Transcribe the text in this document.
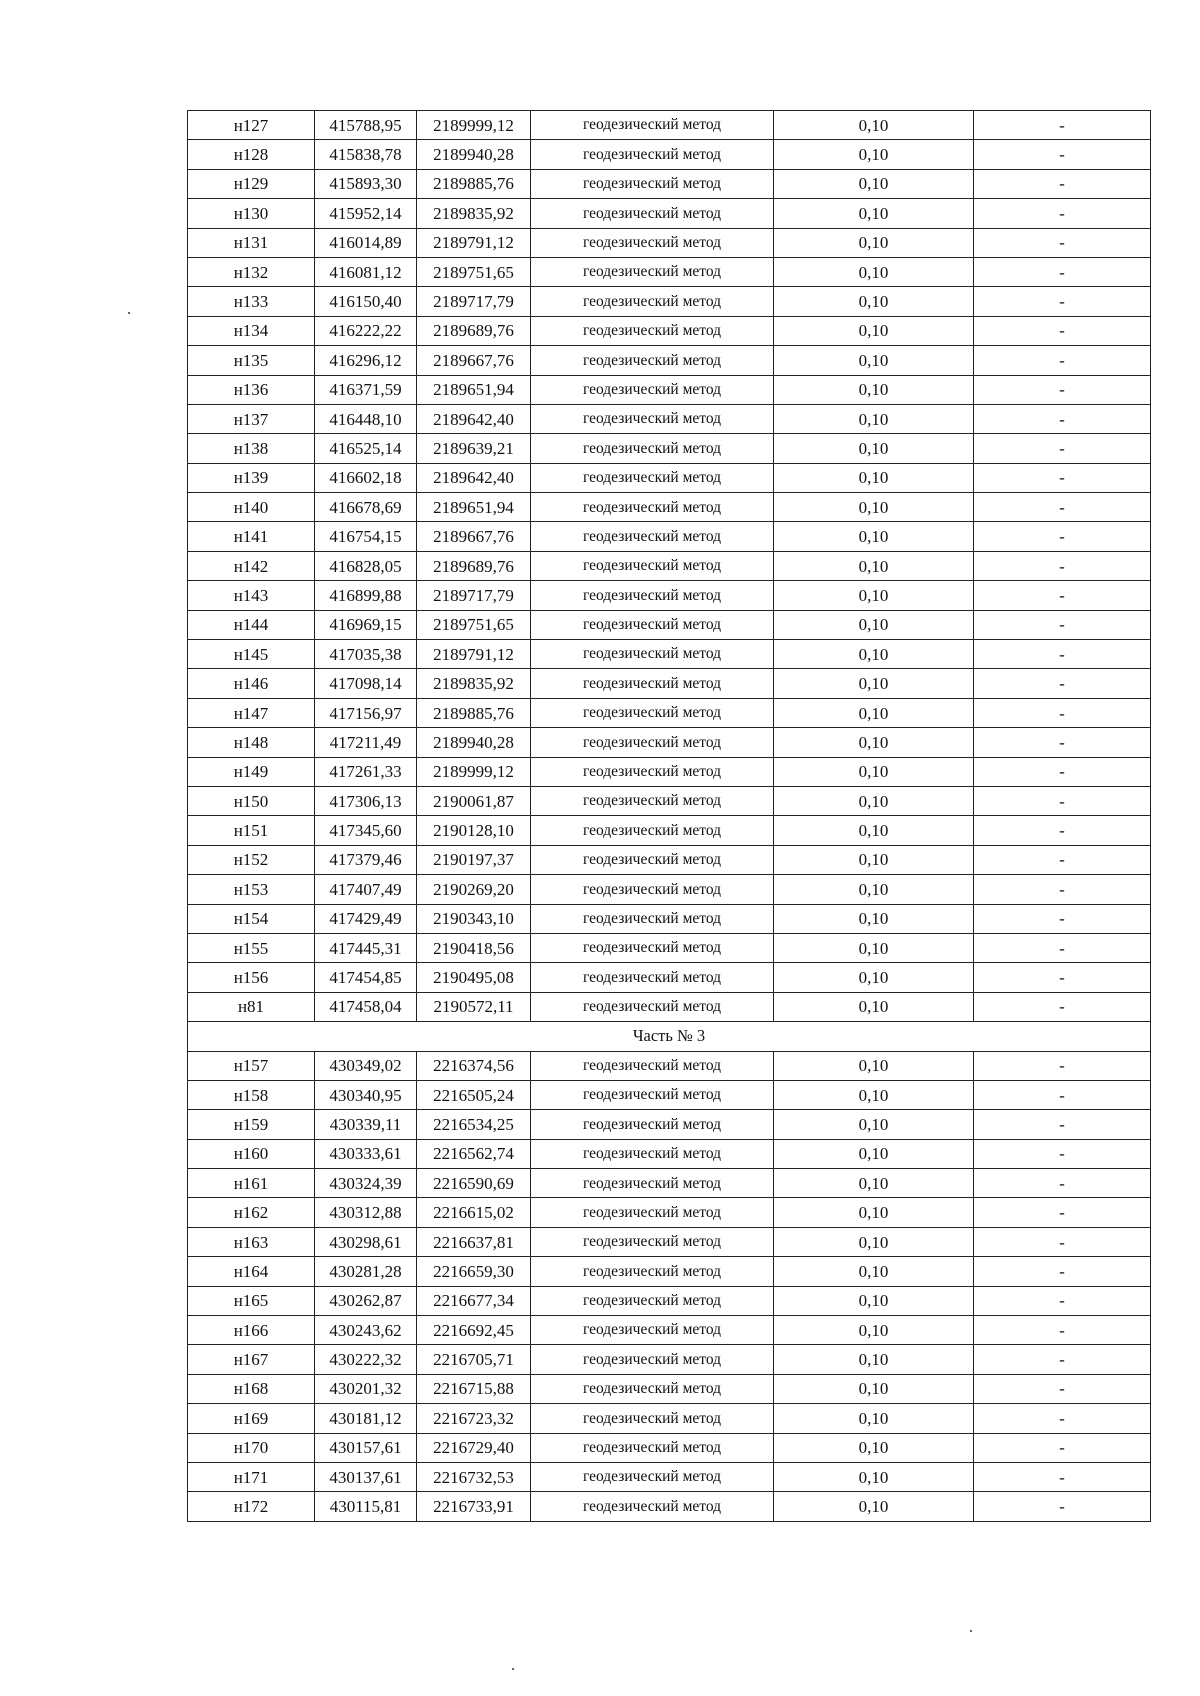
н127	415788,95	2189999,12	геодезический метод	0,10	-
н128	415838,78	2189940,28	геодезический метод	0,10	-
н129	415893,30	2189885,76	геодезический метод	0,10	-
н130	415952,14	2189835,92	геодезический метод	0,10	-
н131	416014,89	2189791,12	геодезический метод	0,10	-
н132	416081,12	2189751,65	геодезический метод	0,10	-
н133	416150,40	2189717,79	геодезический метод	0,10	-
н134	416222,22	2189689,76	геодезический метод	0,10	-
н135	416296,12	2189667,76	геодезический метод	0,10	-
н136	416371,59	2189651,94	геодезический метод	0,10	-
н137	416448,10	2189642,40	геодезический метод	0,10	-
н138	416525,14	2189639,21	геодезический метод	0,10	-
н139	416602,18	2189642,40	геодезический метод	0,10	-
н140	416678,69	2189651,94	геодезический метод	0,10	-
н141	416754,15	2189667,76	геодезический метод	0,10	-
н142	416828,05	2189689,76	геодезический метод	0,10	-
н143	416899,88	2189717,79	геодезический метод	0,10	-
н144	416969,15	2189751,65	геодезический метод	0,10	-
н145	417035,38	2189791,12	геодезический метод	0,10	-
н146	417098,14	2189835,92	геодезический метод	0,10	-
н147	417156,97	2189885,76	геодезический метод	0,10	-
н148	417211,49	2189940,28	геодезический метод	0,10	-
н149	417261,33	2189999,12	геодезический метод	0,10	-
н150	417306,13	2190061,87	геодезический метод	0,10	-
н151	417345,60	2190128,10	геодезический метод	0,10	-
н152	417379,46	2190197,37	геодезический метод	0,10	-
н153	417407,49	2190269,20	геодезический метод	0,10	-
н154	417429,49	2190343,10	геодезический метод	0,10	-
н155	417445,31	2190418,56	геодезический метод	0,10	-
н156	417454,85	2190495,08	геодезический метод	0,10	-
н81	417458,04	2190572,11	геодезический метод	0,10	-
Часть № 3					
н157	430349,02	2216374,56	геодезический метод	0,10	-
н158	430340,95	2216505,24	геодезический метод	0,10	-
н159	430339,11	2216534,25	геодезический метод	0,10	-
н160	430333,61	2216562,74	геодезический метод	0,10	-
н161	430324,39	2216590,69	геодезический метод	0,10	-
н162	430312,88	2216615,02	геодезический метод	0,10	-
н163	430298,61	2216637,81	геодезический метод	0,10	-
н164	430281,28	2216659,30	геодезический метод	0,10	-
н165	430262,87	2216677,34	геодезический метод	0,10	-
н166	430243,62	2216692,45	геодезический метод	0,10	-
н167	430222,32	2216705,71	геодезический метод	0,10	-
н168	430201,32	2216715,88	геодезический метод	0,10	-
н169	430181,12	2216723,32	геодезический метод	0,10	-
н170	430157,61	2216729,40	геодезический метод	0,10	-
н171	430137,61	2216732,53	геодезический метод	0,10	-
н172	430115,81	2216733,91	геодезический метод	0,10	-
